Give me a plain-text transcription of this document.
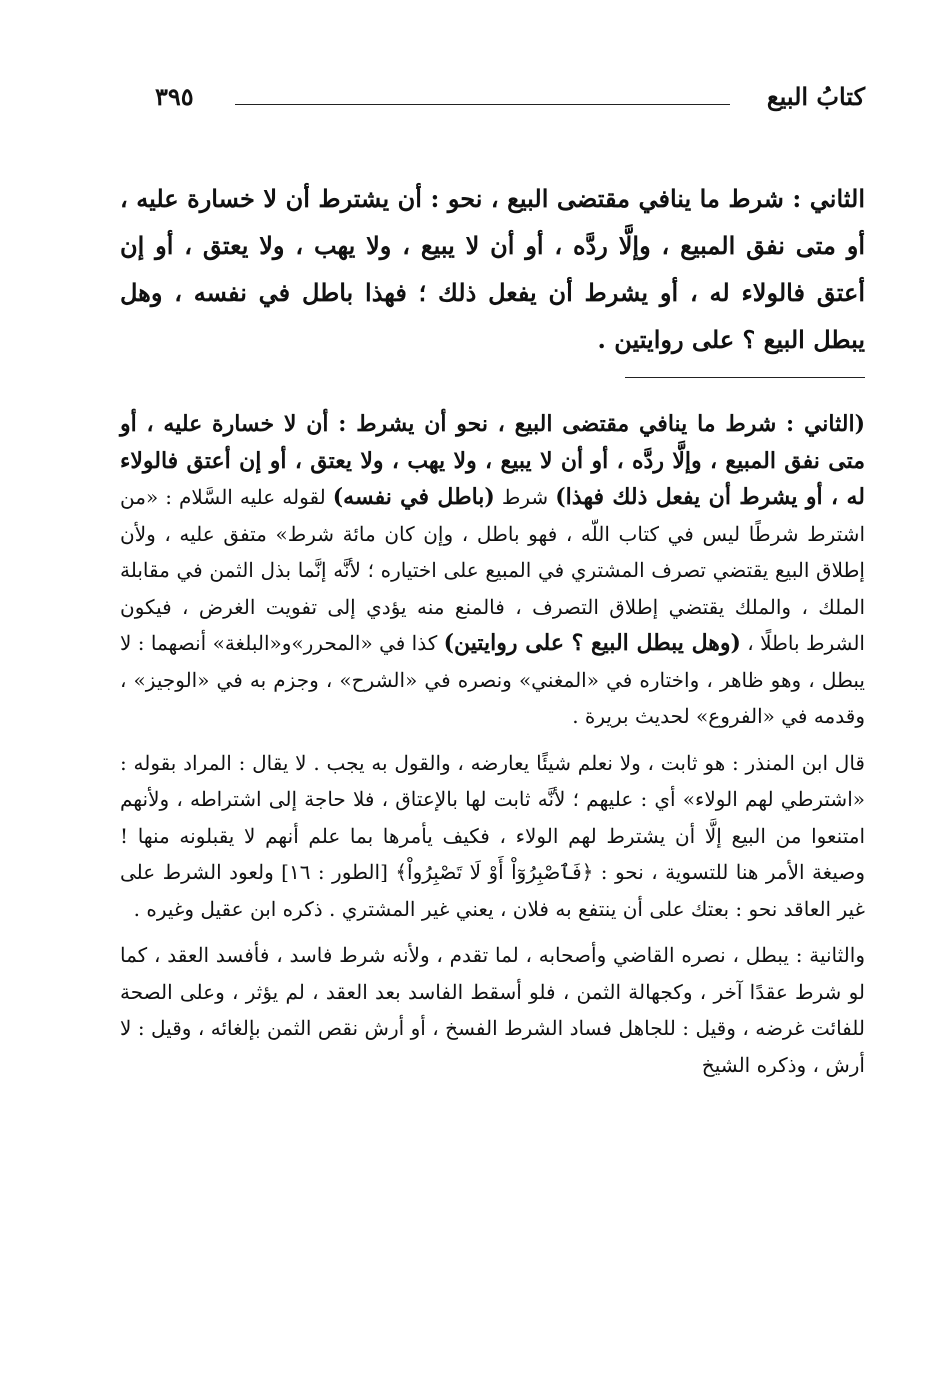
كتابُ البيع
٣٩٥

الثاني : شرط ما ينافي مقتضى البيع ، نحو : أن يشترط أن لا خسارة عليه ، أو متى نفق المبيع ، وإلَّا ردَّه ، أو أن لا يبيع ، ولا يهب ، ولا يعتق ، أو إن أعتق فالولاء له ، أو يشرط أن يفعل ذلك ؛ فهذا باطل في نفسه ، وهل يبطل البيع ؟ على روايتين .

(الثاني : شرط ما ينافي مقتضى البيع ، نحو أن يشرط : أن لا خسارة عليه ، أو متى نفق المبيع ، وإلَّا ردَّه ، أو أن لا يبيع ، ولا يهب ، ولا يعتق ، أو إن أعتق فالولاء له ، أو يشرط أن يفعل ذلك فهذا) شرط (باطل في نفسه) لقوله عليه السَّلام : «من اشترط شرطًا ليس في كتاب اللّه ، فهو باطل ، وإن كان مائة شرط» متفق عليه ، ولأن إطلاق البيع يقتضي تصرف المشتري في المبيع على اختياره ؛ لأنَّه إنَّما بذل الثمن في مقابلة الملك ، والملك يقتضي إطلاق التصرف ، فالمنع منه يؤدي إلى تفويت الغرض ، فيكون الشرط باطلًا ، (وهل يبطل البيع ؟ على روايتين) كذا في «المحرر»و«البلغة» أنصهما : لا يبطل ، وهو ظاهر ، واختاره في «المغني» ونصره في «الشرح» ، وجزم به في «الوجيز» ، وقدمه في «الفروع» لحديث بريرة .

قال ابن المنذر : هو ثابت ، ولا نعلم شيئًا يعارضه ، والقول به يجب . لا يقال : المراد بقوله : «اشترطي لهم الولاء» أي : عليهم ؛ لأنَّه ثابت لها بالإعتاق ، فلا حاجة إلى اشتراطه ، ولأنهم امتنعوا من البيع إلَّا أن يشترط لهم الولاء ، فكيف يأمرها بما علم أنهم لا يقبلونه منها ! وصيغة الأمر هنا للتسوية ، نحو : ﴿فَٱصْبِرُوٓاْ أَوْ لَا تَصْبِرُواْ﴾ [الطور : ١٦] ولعود الشرط على غير العاقد نحو : بعتك على أن ينتفع به فلان ، يعني غير المشتري . ذكره ابن عقيل وغيره .

والثانية : يبطل ، نصره القاضي وأصحابه ، لما تقدم ، ولأنه شرط فاسد ، فأفسد العقد ، كما لو شرط عقدًا آخر ، وكجهالة الثمن ، فلو أسقط الفاسد بعد العقد ، لم يؤثر ، وعلى الصحة للفائت غرضه ، وقيل : للجاهل فساد الشرط الفسخ ، أو أرش نقص الثمن بإلغائه ، وقيل : لا أرش ، وذكره الشيخ
